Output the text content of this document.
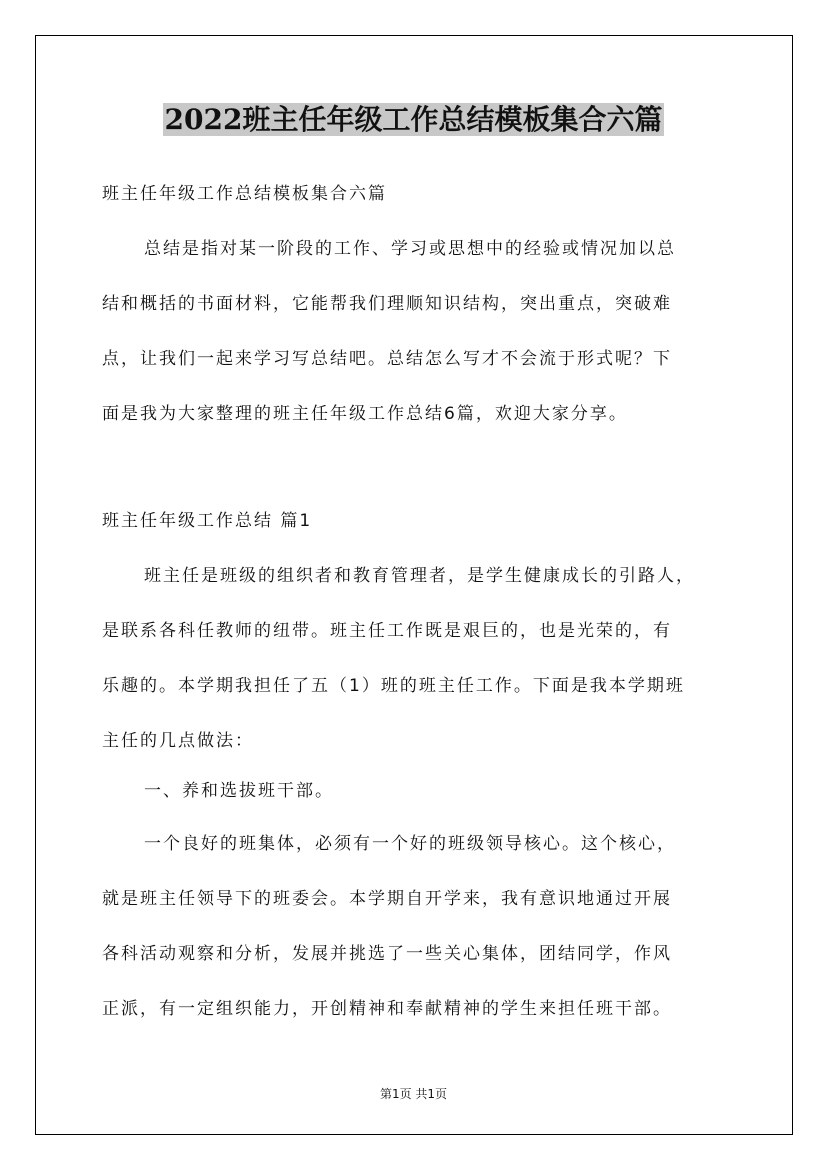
2022班主任年级工作总结模板集合六篇
班主任年级工作总结模板集合六篇
总结是指对某一阶段的工作、学习或思想中的经验或情况加以总
结和概括的书面材料，它能帮我们理顺知识结构，突出重点，突破难
点，让我们一起来学习写总结吧。总结怎么写才不会流于形式呢？下
面是我为大家整理的班主任年级工作总结6篇，欢迎大家分享。
班主任年级工作总结 篇1
班主任是班级的组织者和教育管理者，是学生健康成长的引路人，
是联系各科任教师的纽带。班主任工作既是艰巨的，也是光荣的，有
乐趣的。本学期我担任了五（1）班的班主任工作。下面是我本学期班
主任的几点做法：
一、养和选拔班干部。
一个良好的班集体，必须有一个好的班级领导核心。这个核心，
就是班主任领导下的班委会。本学期自开学来，我有意识地通过开展
各科活动观察和分析，发展并挑选了一些关心集体，团结同学，作风
正派，有一定组织能力，开创精神和奉献精神的学生来担任班干部。
第1页 共1页
